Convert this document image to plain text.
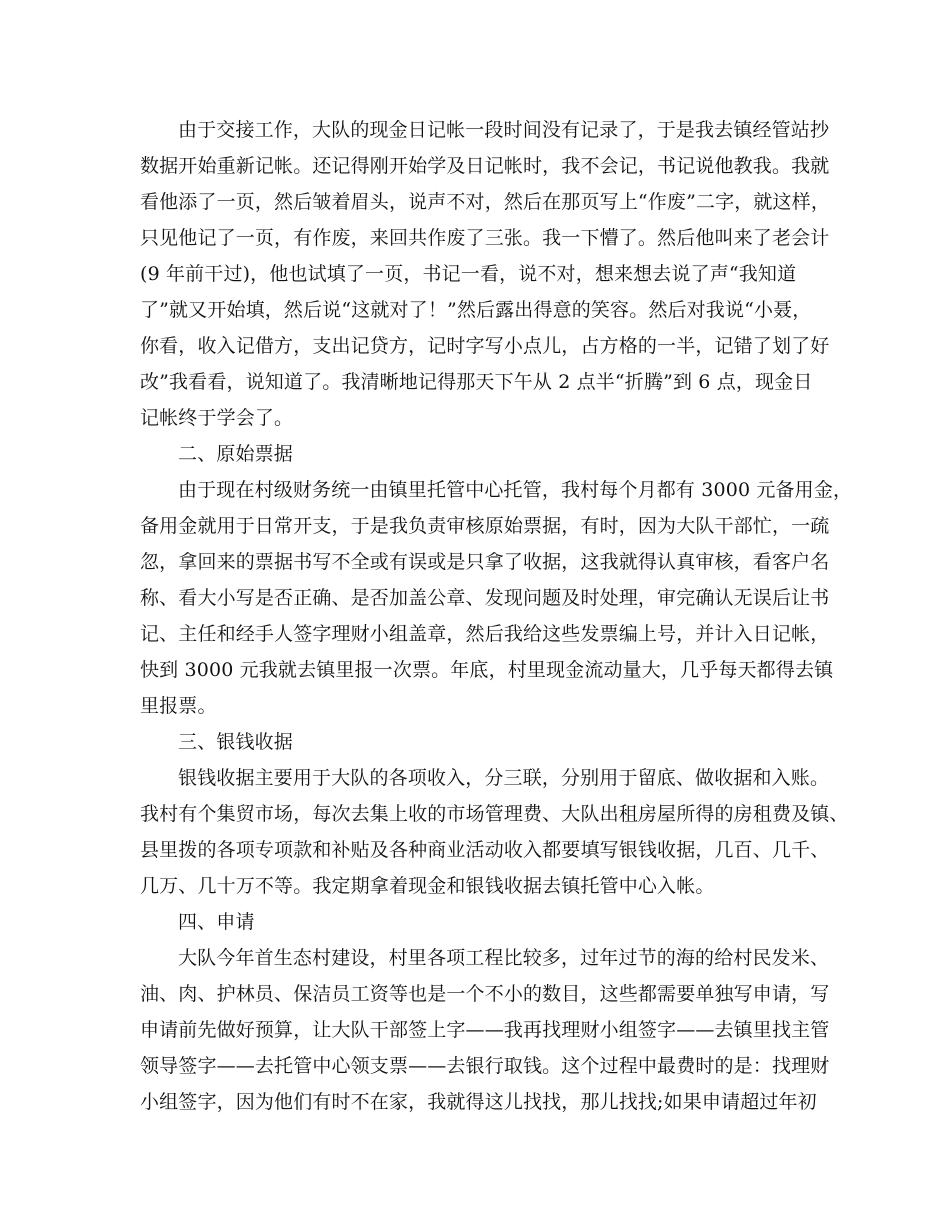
由于交接工作，大队的现金日记帐一段时间没有记录了，于是我去镇经管站抄
数据开始重新记帐。还记得刚开始学及日记帐时，我不会记，书记说他教我。我就
看他添了一页，然后皱着眉头，说声不对，然后在那页写上“作废”二字，就这样，
只见他记了一页，有作废，来回共作废了三张。我一下懵了。然后他叫来了老会计
(9 年前干过)，他也试填了一页，书记一看，说不对，想来想去说了声“我知道
了”就又开始填，然后说“这就对了！”然后露出得意的笑容。然后对我说“小聂，
你看，收入记借方，支出记贷方，记时字写小点儿，占方格的一半，记错了划了好
改”我看看，说知道了。我清晰地记得那天下午从 2 点半“折腾”到 6 点，现金日
记帐终于学会了。
二、原始票据
由于现在村级财务统一由镇里托管中心托管，我村每个月都有 3000 元备用金，
备用金就用于日常开支，于是我负责审核原始票据，有时，因为大队干部忙，一疏
忽，拿回来的票据书写不全或有误或是只拿了收据，这我就得认真审核，看客户名
称、看大小写是否正确、是否加盖公章、发现问题及时处理，审完确认无误后让书
记、主任和经手人签字理财小组盖章，然后我给这些发票编上号，并计入日记帐，
快到 3000 元我就去镇里报一次票。年底，村里现金流动量大，几乎每天都得去镇
里报票。
三、银钱收据
银钱收据主要用于大队的各项收入，分三联，分别用于留底、做收据和入账。
我村有个集贸市场，每次去集上收的市场管理费、大队出租房屋所得的房租费及镇、
县里拨的各项专项款和补贴及各种商业活动收入都要填写银钱收据，几百、几千、
几万、几十万不等。我定期拿着现金和银钱收据去镇托管中心入帐。
四、申请
大队今年首生态村建设，村里各项工程比较多，过年过节的海的给村民发米、
油、肉、护林员、保洁员工资等也是一个不小的数目，这些都需要单独写申请，写
申请前先做好预算，让大队干部签上字——我再找理财小组签字——去镇里找主管
领导签字——去托管中心领支票——去银行取钱。这个过程中最费时的是：找理财
小组签字，因为他们有时不在家，我就得这儿找找，那儿找找;如果申请超过年初
